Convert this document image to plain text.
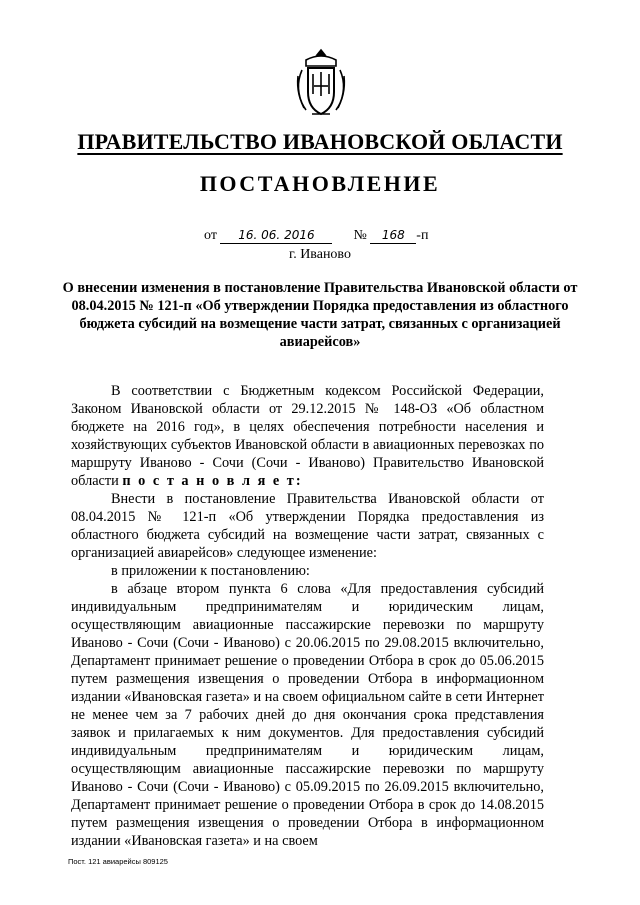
ПРАВИТЕЛЬСТВО ИВАНОВСКОЙ ОБЛАСТИ
ПОСТАНОВЛЕНИЕ
от 16. 06. 2016	№ 168 -п
г. Иваново
О внесении изменения в постановление Правительства Ивановской области от 08.04.2015 № 121-п «Об утверждении Порядка предоставления из областного бюджета субсидий на возмещение части затрат, связанных с организацией авиарейсов»

В соответствии с Бюджетным кодексом Российской Федерации, Законом Ивановской области от 29.12.2015 № 148-ОЗ «Об областном бюджете на 2016 год», в целях обеспечения потребности населения и хозяйствующих субъектов Ивановской области в авиационных перевозках по маршруту Иваново - Сочи (Сочи - Иваново) Правительство Ивановской области п о с т а н о в л я е т:

Внести в постановление Правительства Ивановской области от 08.04.2015 № 121-п «Об утверждении Порядка предоставления из областного бюджета субсидий на возмещение части затрат, связанных с организацией авиарейсов» следующее изменение:

в приложении к постановлению:

в абзаце втором пункта 6 слова «Для предоставления субсидий индивидуальным предпринимателям и юридическим лицам, осуществляющим авиационные пассажирские перевозки по маршруту Иваново - Сочи (Сочи - Иваново) с 20.06.2015 по 29.08.2015 включительно, Департамент принимает решение о проведении Отбора в срок до 05.06.2015 путем размещения извещения о проведении Отбора в информационном издании «Ивановская газета» и на своем официальном сайте в сети Интернет не менее чем за 7 рабочих дней до дня окончания срока представления заявок и прилагаемых к ним документов. Для предоставления субсидий индивидуальным предпринимателям и юридическим лицам, осуществляющим авиационные пассажирские перевозки по маршруту Иваново - Сочи (Сочи - Иваново) с 05.09.2015 по 26.09.2015 включительно, Департамент принимает решение о проведении Отбора в срок до 14.08.2015 путем размещения извещения о проведении Отбора в информационном издании «Ивановская газета» и на своем

Пост. 121 авиарейсы 809125
